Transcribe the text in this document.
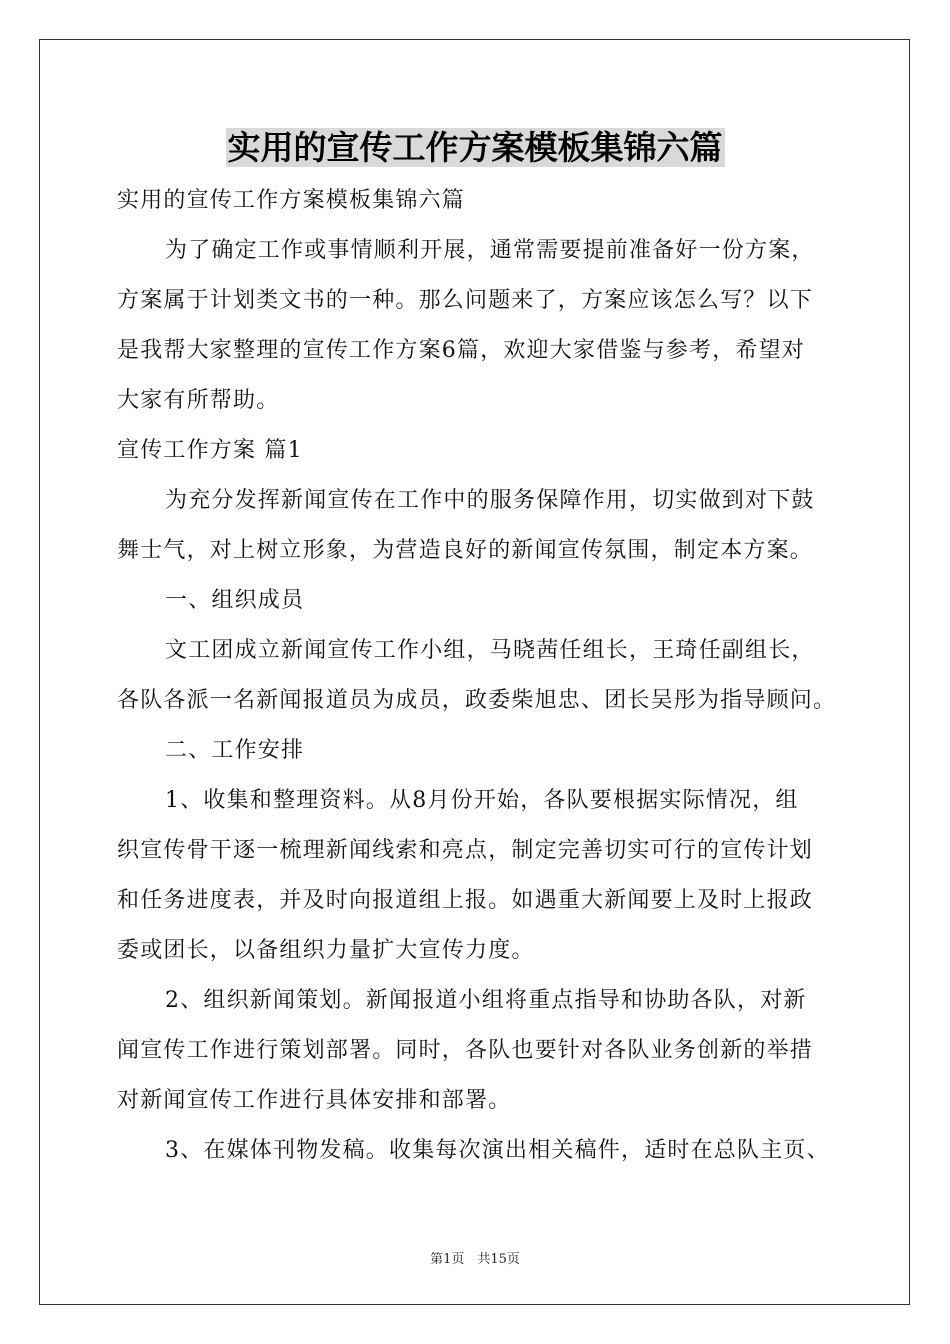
实用的宣传工作方案模板集锦六篇

实用的宣传工作方案模板集锦六篇

为了确定工作或事情顺利开展，通常需要提前准备好一份方案，

方案属于计划类文书的一种。那么问题来了，方案应该怎么写？以下

是我帮大家整理的宣传工作方案6篇，欢迎大家借鉴与参考，希望对

大家有所帮助。

宣传工作方案 篇1

为充分发挥新闻宣传在工作中的服务保障作用，切实做到对下鼓

舞士气，对上树立形象，为营造良好的新闻宣传氛围，制定本方案。

一、组织成员

文工团成立新闻宣传工作小组，马晓茜任组长，王琦任副组长，

各队各派一名新闻报道员为成员，政委柴旭忠、团长吴彤为指导顾问。

二、工作安排

1、收集和整理资料。从8月份开始，各队要根据实际情况，组

织宣传骨干逐一梳理新闻线索和亮点，制定完善切实可行的宣传计划

和任务进度表，并及时向报道组上报。如遇重大新闻要上及时上报政

委或团长，以备组织力量扩大宣传力度。

2、组织新闻策划。新闻报道小组将重点指导和协助各队，对新

闻宣传工作进行策划部署。同时，各队也要针对各队业务创新的举措

对新闻宣传工作进行具体安排和部署。

3、在媒体刊物发稿。收集每次演出相关稿件，适时在总队主页、

第1页　共15页
